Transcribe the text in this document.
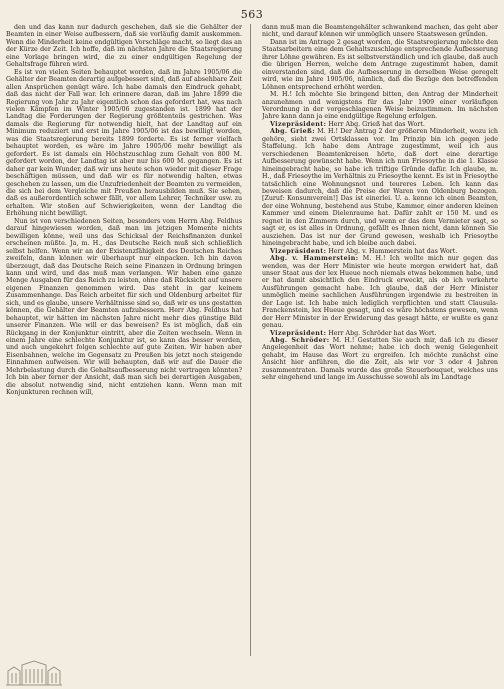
563

den und das kann nur dadurch geschehen, daß sie die Gehälter der Beamten in einer Weise aufbessern, daß sie vorläufig damit auskommen. Wenn die Minderheit keine endgültigen Vorschläge macht, so liegt das an der Kürze der Zeit. Ich hoffe, daß im nächsten Jahre die Staatsregierung eine Vorlage bringen wird, die zu einer endgültigen Regelung der Gehaltsfrage führen wird.

Es ist von vielen Seiten behauptet worden, daß im Jahre 1905/06 die Gehälter der Beamten derartig aufgebessert sind, daß auf absehbare Zeit allen Ansprüchen genügt wäre. Ich habe damals den Eindruck gehabt, daß das nicht der Fall war. Ich erinnere daran, daß im Jahre 1899 die Regierung von Jahr zu Jahr eigentlich schon das gefordert hat, was nach vielen Kämpfen im Winter 1905/06 zugestanden ist. 1899 hat der Landtag die Forderungen der Regierung größtenteils gestrichen. Was damals die Regierung für notwendig hielt, hat der Landtag auf ein Minimum reduziert und erst im Jahre 1905/06 ist das bewilligt worden, was die Staatsregierung bereits 1899 forderte. Es ist ferner vielfach behauptet worden, es wäre im Jahre 1905/06 mehr bewilligt als gefordert. Es ist damals ein Höchstzuschlag zum Gehalt von 800 M. gefordert worden, der Landtag ist aber nur bis 600 M. gegangen. Es ist daher gar kein Wunder, daß wir uns heute schon wieder mit dieser Frage beschäftigen müssen, und daß wir es für notwendig halten, etwas geschehen zu lassen, um die Unzufriedenheit der Beamten zu vermeiden, die sich bei dem Vergleiche mit Preußen herausbilden muß. Sie sehen, daß es außerordentlich schwer fällt, vor allem Lehrer, Techniker usw. zu erhalten. Wir stoßen auf Schwierigkeiten, wenn der Landtag die Erhöhung nicht bewilligt.

Nun ist von verschiedenen Seiten, besonders vom Herrn Abg. Feldhus darauf hingewiesen worden, daß man im jetzigen Momente nichts bewilligen könne, weil uns das Schicksal der Reichsfinanzen dunkel erscheinen müßte. Ja, m. H., das Deutsche Reich muß sich schließlich selbst helfen. Wenn wir an der Existenzfähigkeit des Deutschen Reiches zweifeln, dann können wir überhaupt nur einpacken. Ich bin davon überzeugt, daß das Deutsche Reich seine Finanzen in Ordnung bringen kann und wird, und das muß man verlangen. Wir haben eine ganze Menge Ausgaben für das Reich zu leisten, ohne daß Rücksicht auf unsere eigenen Finanzen genommen wird. Das steht in gar keinem Zusammenhange. Das Reich arbeitet für sich und Oldenburg arbeitet für sich, und es glaube, unsere Verhältnisse sind so, daß wir es uns gestatten können, die Gehälter der Beamten aufzubessern. Herr Abg. Feldhus hat behauptet, wir hätten im nächsten Jahre nicht mehr dies günstige Bild unserer Finanzen. Wie will er das beweisen? Es ist möglich, daß ein Rückgang in der Konjunktur eintritt, aber die Zeiten wechseln. Wenn in einem Jahre eine schlechte Konjunktur ist, so kann das besser werden, und auch ungekehrt folgen schlechte auf gute Zeiten. Wir haben aber Eisenbahnen, welche im Gegensatz zu Preußen bis jetzt noch steigende Einnahmen aufweisen. Wir will behaupten, daß wir auf die Dauer die Mehrbelastung durch die Gehaltsaufbesserung nicht vertragen könnten? Ich bin aber ferner der Ansicht, daß man sich bei derartigen Ausgaben, die absolut notwendig sind, nicht entziehen kann. Wenn man mit Konjunkturen rechnen will,

dann muß man die Beamtengehälter schwankend machen, das geht aber nicht, und darauf können wir unmöglich unsere Staatswesen gründen.

Dann ist im Antrage 2 gesagt worden, die Staatsregierung möchte den Staatsarbeitern eine dem Gehaltszuschlage entsprechende Aufbesserung ihrer Löhne gewähren. Es ist selbstverständlich und ich glaube, daß auch die übrigen Herren, welche dem Antrage zugestimmt haben, damit einverstanden sind, daß die Aufbesserung in derselben Weise geregelt wird, wie im Jahre 1905/06, nämlich, daß die Bezüge den betreffenden Löhnen entsprechend erhöht werden.

M. H.! Ich möchte Sie bringend bitten, den Antrag der Minderheit anzunehmen und wenigstens für das Jahr 1909 einer vorläufigen Verordnung in der vorgeschlagenen Weise beizustimmen. Im nächsten Jahre kann dann ja eine endgültige Regelung erfolgen.

Vizepräsident: Herr Abg. Grieß hat das Wort.

Abg. Grieß: M. H.! Der Antrag 2 der größeren Minderheit, wozu ich gehöre, sieht zwei Ortsklassen vor. Im Prinzip bin ich gegen jede Staffelung. Ich habe dem Antrage zugestimmt, weil ich aus verschiedenen Beamtenkreisen hörte, daß dort eine derartige Aufbesserung gewünscht habe. Wenn ich nun Friesoythe in die 1. Klasse hineingebracht habe, so habe ich triftige Gründe dafür. Ich glaube, m. H., daß Friesoythe im Verhältnis zu Friesoythe kennt. Es ist in Friesoythe tatsächlich eine Wohnungsnot und teureres Leben. Ich kann das beweisen dadurch, daß die Preise der Waren von Oldenburg bezogen. [Zuruf: Konsumverein!] Das ist einerlei. U. a. kenne ich einen Beamten, der eine Wohnung, bestehend aus Stube, Kammer, einer anderen kleinen Kammer und einem Dielenraume hat. Dafür zahlt er 150 M. und es regnet in den Zimmern durch, und wenn er das dem Vermieter sagt, so sagt er, es ist alles in Ordnung, gefällt es Ihnen nicht, dann können Sie ausziehen. Das ist nur der Grund gewesen, weshalb ich Friesoythe hineingebracht habe, und ich bleibe auch dabei.

Vizepräsident: Herr Abg. v. Hammerstein hat das Wort.

Abg. v. Hammerstein: M. H.! Ich wollte mich nur gegen das wenden, was der Herr Minister wie heute morgen erwidert hat, daß unser Staat aus der lex Hueue noch niemals etwas bekommen habe, und er hat damit absichtlich den Eindruck erweckt, als ob ich verkehrte Ausführungen gemacht habe. Ich glaube, daß der Herr Minister unmöglich meine sachlichen Ausführungen irgendwie zu bestreiten in der Lage ist. Ich habe mich lediglich verpflichten und statt Clausula-Franckenstein, lex Hueue gesagt, und es wäre höchstens gewesen, wenn der Herr Minister in der Erwiderung das gesagt hätte, er wußte es ganz genau.

Vizepräsident: Herr Abg. Schröder hat das Wort.

Abg. Schröder: M. H.! Gestatten Sie auch mir, daß ich zu dieser Angelegenheit das Wort nehme; habe ich doch wenig Gelegenheit gehabt, im Hause das Wort zu ergreifen. Ich möchte zunächst eine Ansicht hier anführen, die die Zeit, als wir vor 3 oder 4 Jahren zusammentraten. Damals wurde das große Steuerbouquet, welches uns sehr eingehend und lange im Ausschusse sowohl als im Landtage
